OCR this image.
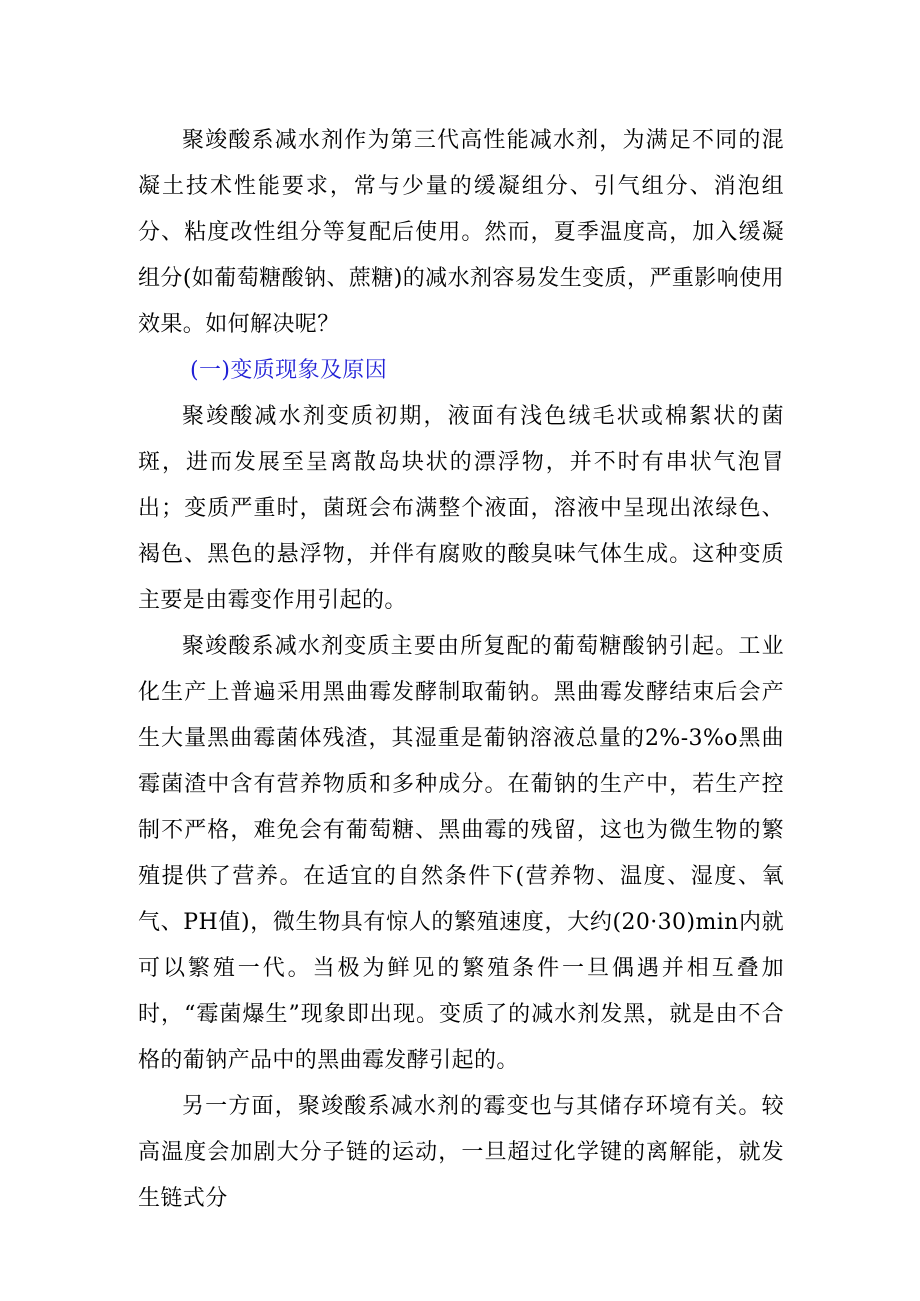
聚竣酸系减水剂作为第三代高性能减水剂，为满足不同的混凝土技术性能要求，常与少量的缓凝组分、引气组分、消泡组分、粘度改性组分等复配后使用。然而，夏季温度高，加入缓凝组分(如葡萄糖酸钠、蔗糖)的减水剂容易发生变质，严重影响使用效果。如何解决呢？

(一)变质现象及原因

聚竣酸减水剂变质初期，液面有浅色绒毛状或棉絮状的菌斑，进而发展至呈离散岛块状的漂浮物，并不时有串状气泡冒出；变质严重时，菌斑会布满整个液面，溶液中呈现出浓绿色、褐色、黑色的悬浮物，并伴有腐败的酸臭味气体生成。这种变质主要是由霉变作用引起的。

聚竣酸系减水剂变质主要由所复配的葡萄糖酸钠引起。工业化生产上普遍采用黑曲霉发酵制取葡钠。黑曲霉发酵结束后会产生大量黑曲霉菌体残渣，其湿重是葡钠溶液总量的2%-3%o黑曲霉菌渣中含有营养物质和多种成分。在葡钠的生产中，若生产控制不严格，难免会有葡萄糖、黑曲霉的残留，这也为微生物的繁殖提供了营养。在适宜的自然条件下(营养物、温度、湿度、氧气、PH值)，微生物具有惊人的繁殖速度，大约(20·30)min内就可以繁殖一代。当极为鲜见的繁殖条件一旦偶遇并相互叠加时，“霉菌爆生”现象即出现。变质了的减水剂发黑，就是由不合格的葡钠产品中的黑曲霉发酵引起的。

另一方面，聚竣酸系减水剂的霉变也与其储存环境有关。较高温度会加剧大分子链的运动，一旦超过化学键的离解能，就发生链式分
